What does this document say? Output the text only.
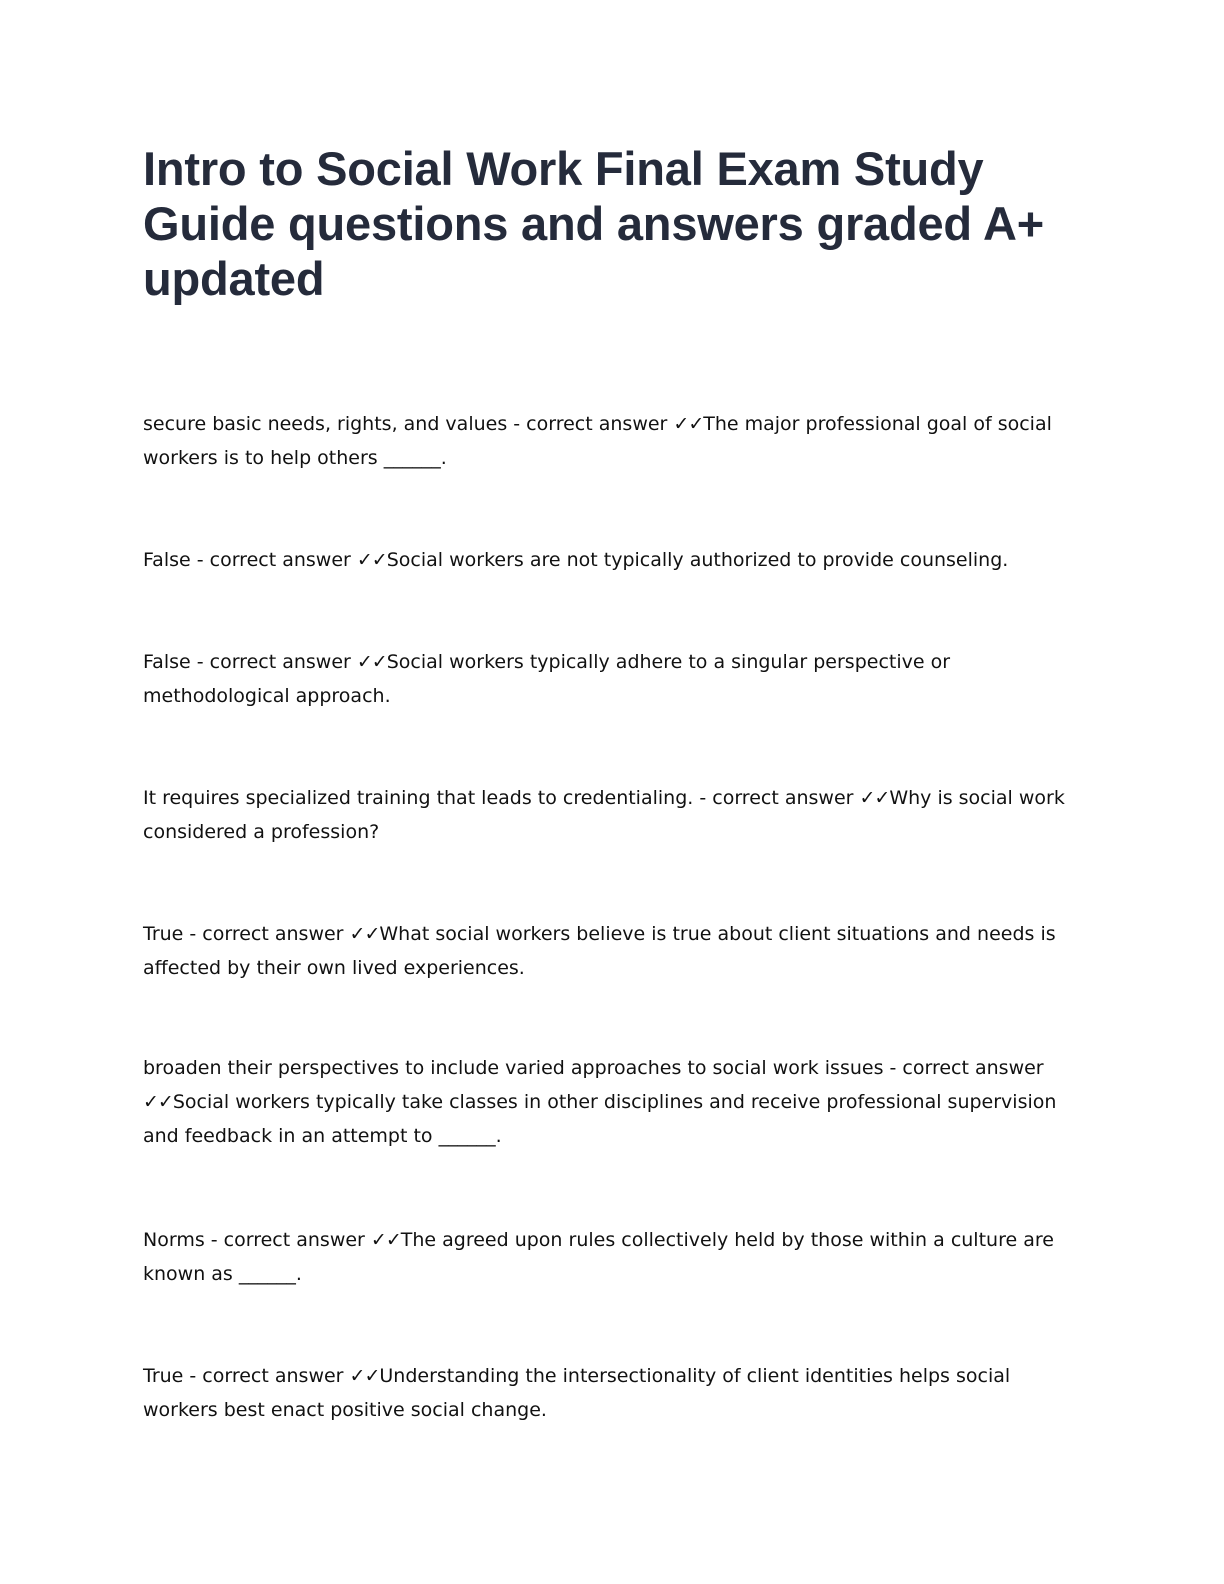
Intro to Social Work Final Exam Study Guide questions and answers graded A+ updated

secure basic needs, rights, and values - correct answer ✓✓The major professional goal of social workers is to help others ______.

False - correct answer ✓✓Social workers are not typically authorized to provide counseling.

False - correct answer ✓✓Social workers typically adhere to a singular perspective or methodological approach.

It requires specialized training that leads to credentialing. - correct answer ✓✓Why is social work considered a profession?

True - correct answer ✓✓What social workers believe is true about client situations and needs is affected by their own lived experiences.

broaden their perspectives to include varied approaches to social work issues - correct answer ✓✓Social workers typically take classes in other disciplines and receive professional supervision and feedback in an attempt to ______.

Norms - correct answer ✓✓The agreed upon rules collectively held by those within a culture are known as ______.

True - correct answer ✓✓Understanding the intersectionality of client identities helps social workers best enact positive social change.
